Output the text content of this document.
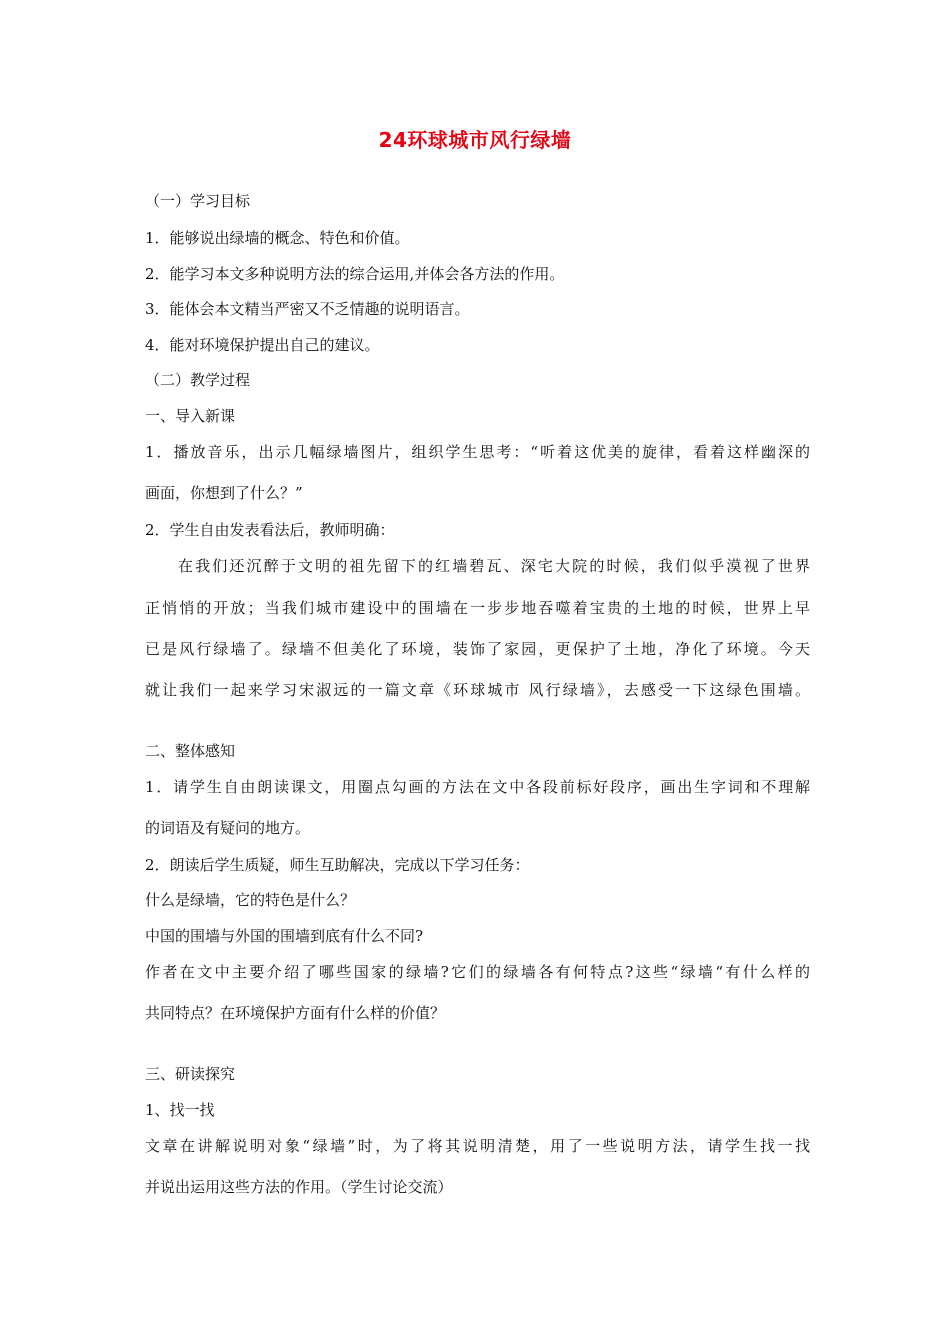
24环球城市风行绿墙
（一）学习目标
1．能够说出绿墙的概念、特色和价值。
2．能学习本文多种说明方法的综合运用,并体会各方法的作用。
3．能体会本文精当严密又不乏情趣的说明语言。
4．能对环境保护提出自己的建议。
（二）教学过程
一、导入新课
1．播放音乐，出示几幅绿墙图片，组织学生思考：“听着这优美的旋律，看着这样幽深的
画面，你想到了什么？”
2．学生自由发表看法后，教师明确：
在我们还沉醉于文明的祖先留下的红墙碧瓦、深宅大院的时候，我们似乎漠视了世界
正悄悄的开放；当我们城市建设中的围墙在一步步地吞噬着宝贵的土地的时候，世界上早
已是风行绿墙了。绿墙不但美化了环境，装饰了家园，更保护了土地，净化了环境。今天
就让我们一起来学习宋淑远的一篇文章《环球城市 风行绿墙》，去感受一下这绿色围墙。
二、整体感知
1．请学生自由朗读课文，用圈点勾画的方法在文中各段前标好段序，画出生字词和不理解
的词语及有疑问的地方。
2．朗读后学生质疑，师生互助解决，完成以下学习任务：
什么是绿墙，它的特色是什么？
中国的围墙与外国的围墙到底有什么不同?
作者在文中主要介绍了哪些国家的绿墙?它们的绿墙各有何特点?这些“绿墙“有什么样的
共同特点？在环境保护方面有什么样的价值？
三、研读探究
1、找一找
文章在讲解说明对象“绿墙”时，为了将其说明清楚，用了一些说明方法，请学生找一找
并说出运用这些方法的作用。（学生讨论交流）
